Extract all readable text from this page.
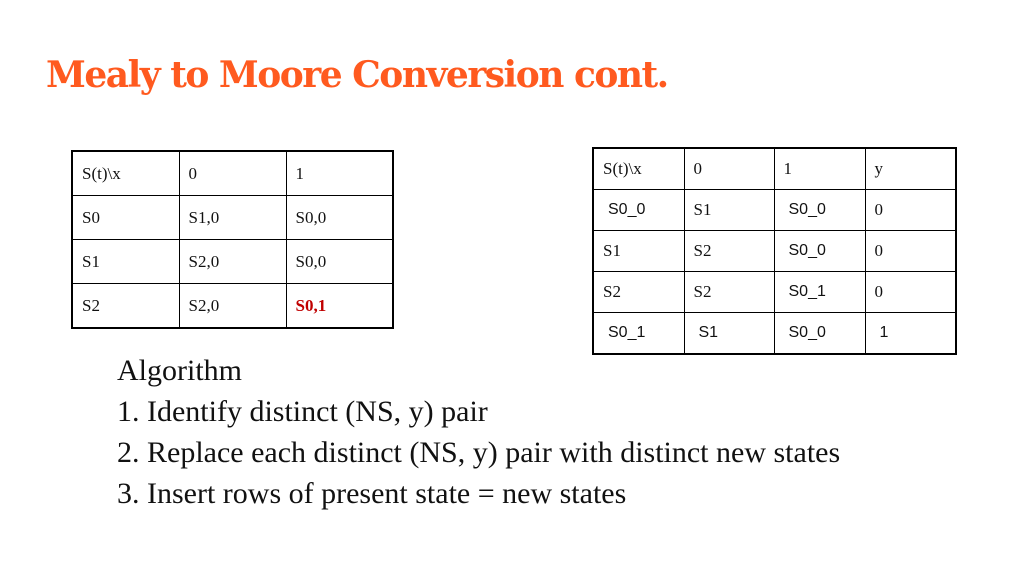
Mealy to Moore Conversion cont.
S(t)\x	0	1
S0	S1,0	S0,0
S1	S2,0	S0,0
S2	S2,0	S0,1
S(t)\x	0	1	y
S0_0	S1	S0_0	0
S1	S2	S0_0	0
S2	S2	S0_1	0
S0_1	S1	S0_0	1
Algorithm
1. Identify distinct (NS, y) pair
2. Replace each distinct (NS, y) pair with distinct new states
3. Insert rows of present state = new states
